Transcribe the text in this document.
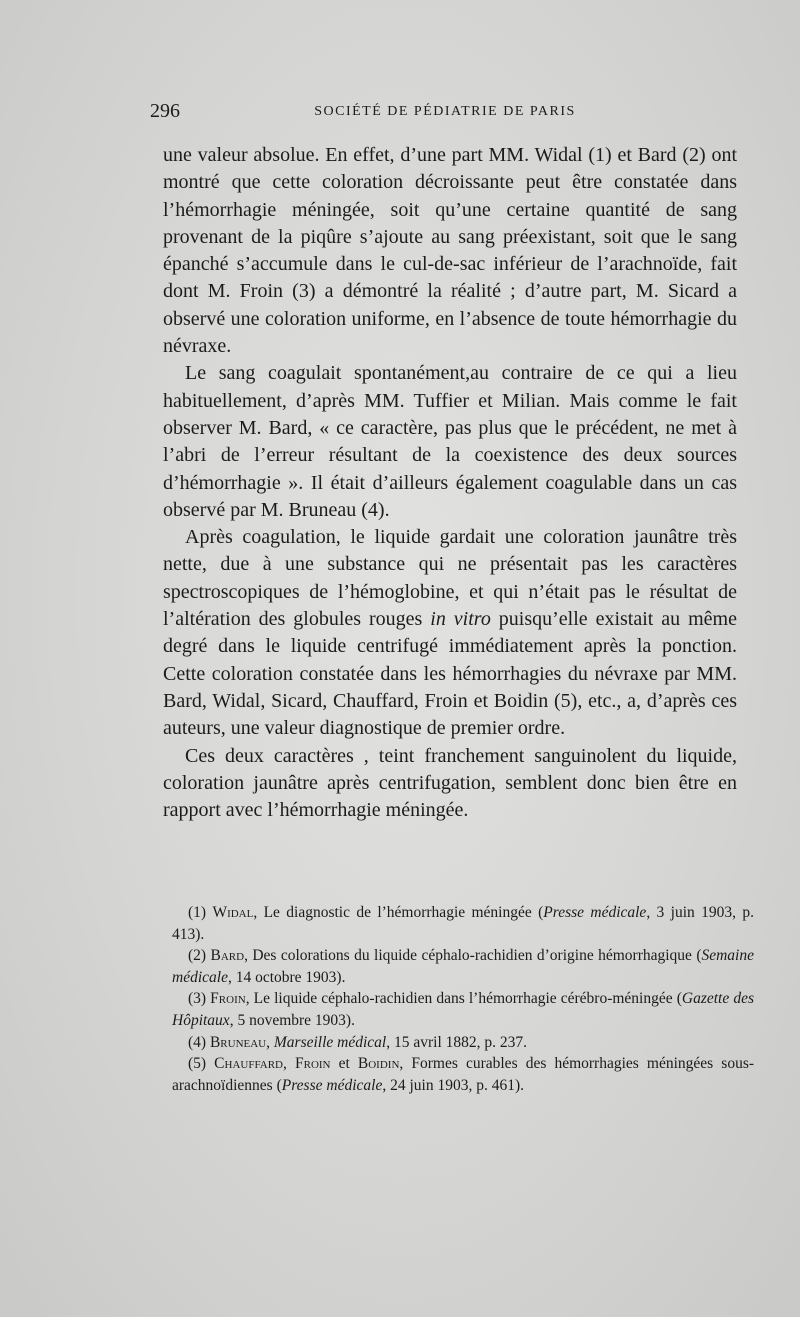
296	SOCIÉTÉ DE PÉDIATRIE DE PARIS

une valeur absolue. En effet, d’une part MM. Widal (1) et Bard (2) ont montré que cette coloration décroissante peut être constatée dans l’hémorrhagie méningée, soit qu’une certaine quantité de sang provenant de la piqûre s’ajoute au sang préexistant, soit que le sang épanché s’accumule dans le cul-de-sac inférieur de l’arachnoïde, fait dont M. Froin (3) a démontré la réalité ; d’autre part, M. Sicard a observé une coloration uniforme, en l’absence de toute hémorrhagie du névraxe.

Le sang coagulait spontanément,au contraire de ce qui a lieu habituellement, d’après MM. Tuffier et Milian. Mais comme le fait observer M. Bard, « ce caractère, pas plus que le précédent, ne met à l’abri de l’erreur résultant de la coexistence des deux sources d’hémorrhagie ». Il était d’ailleurs également coagulable dans un cas observé par M. Bruneau (4).

Après coagulation, le liquide gardait une coloration jaunâtre très nette, due à une substance qui ne présentait pas les caractères spectroscopiques de l’hémoglobine, et qui n’était pas le résultat de l’altération des globules rouges in vitro puisqu’elle existait au même degré dans le liquide centrifugé immédiatement après la ponction. Cette coloration constatée dans les hémorrhagies du névraxe par MM. Bard, Widal, Sicard, Chauffard, Froin et Boidin (5), etc., a, d’après ces auteurs, une valeur diagnostique de premier ordre.

Ces deux caractères , teint franchement sanguinolent du liquide, coloration jaunâtre après centrifugation, semblent donc bien être en rapport avec l’hémorrhagie méningée.

(1) Widal, Le diagnostic de l’hémorrhagie méningée (Presse médicale, 3 juin 1903, p. 413).

(2) Bard, Des colorations du liquide céphalo-rachidien d’origine hémorrhagique (Semaine médicale, 14 octobre 1903).

(3) Froin, Le liquide céphalo-rachidien dans l’hémorrhagie cérébro-méningée (Gazette des Hôpitaux, 5 novembre 1903).

(4) Bruneau, Marseille médical, 15 avril 1882, p. 237.

(5) Chauffard, Froin et Boidin, Formes curables des hémorrhagies méningées sous-arachnoïdiennes (Presse médicale, 24 juin 1903, p. 461).
